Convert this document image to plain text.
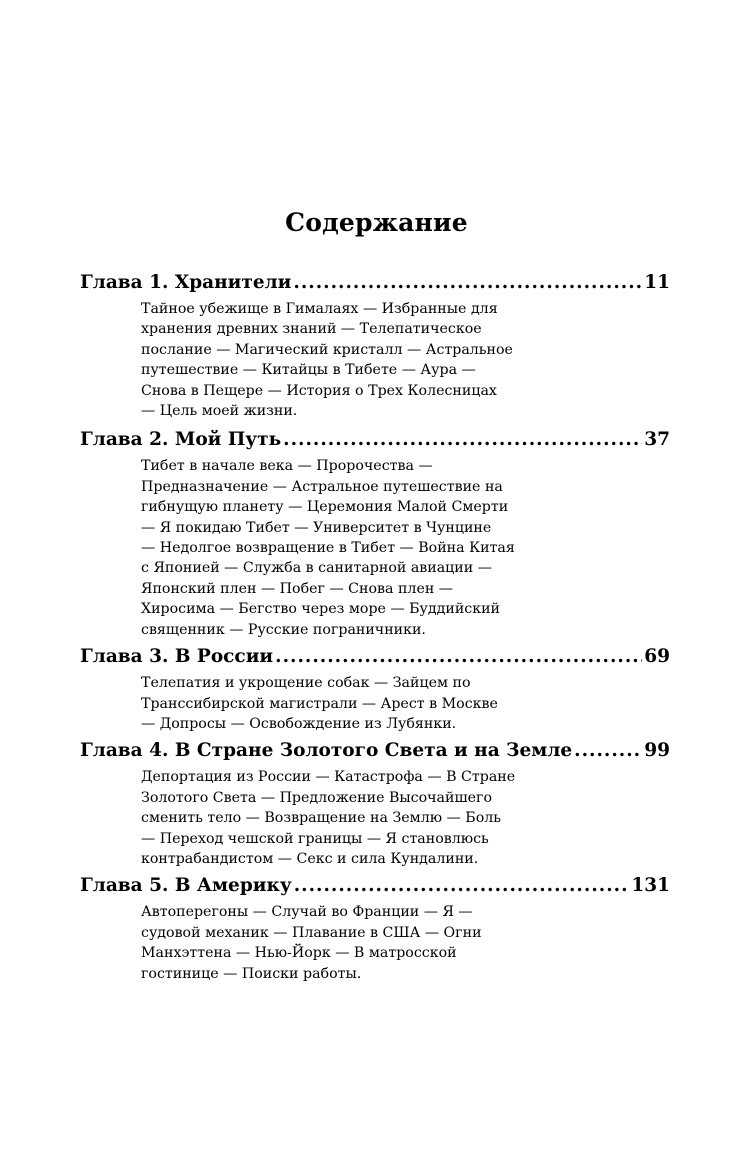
Содержание
Глава 1. Хранители .....	11
Тайное убежище в Гималаях — Избранные для
хранения древних знаний — Телепатическое
послание — Магический кристалл — Астральное
путешествие — Китайцы в Тибете — Аура —
Снова в Пещере — История о Трех Колесницах
— Цель моей жизни.
Глава 2. Мой Путь .....	37
Тибет в начале века — Пророчества —
Предназначение — Астральное путешествие на
гибнущую планету — Церемония Малой Смерти
— Я покидаю Тибет — Университет в Чунцине
— Недолгое возвращение в Тибет — Война Китая
с Японией — Служба в санитарной авиации —
Японский плен — Побег — Снова плен —
Хиросима — Бегство через море — Буддийский
священник — Русские пограничники.
Глава 3. В России .....	69
Телепатия и укрощение собак — Зайцем по
Транссибирской магистрали — Арест в Москве
— Допросы — Освобождение из Лубянки.
Глава 4. В Стране Золотого Света и на Земле .....	99
Депортация из России — Катастрофа — В Стране
Золотого Света — Предложение Высочайшего
сменить тело — Возвращение на Землю — Боль
— Переход чешской границы — Я становлюсь
контрабандистом — Секс и сила Кундалини.
Глава 5. В Америку .....	131
Автоперегоны — Случай во Франции — Я —
судовой механик — Плавание в США — Огни
Манхэттена — Нью-Йорк — В матросской
гостинице — Поиски работы.
